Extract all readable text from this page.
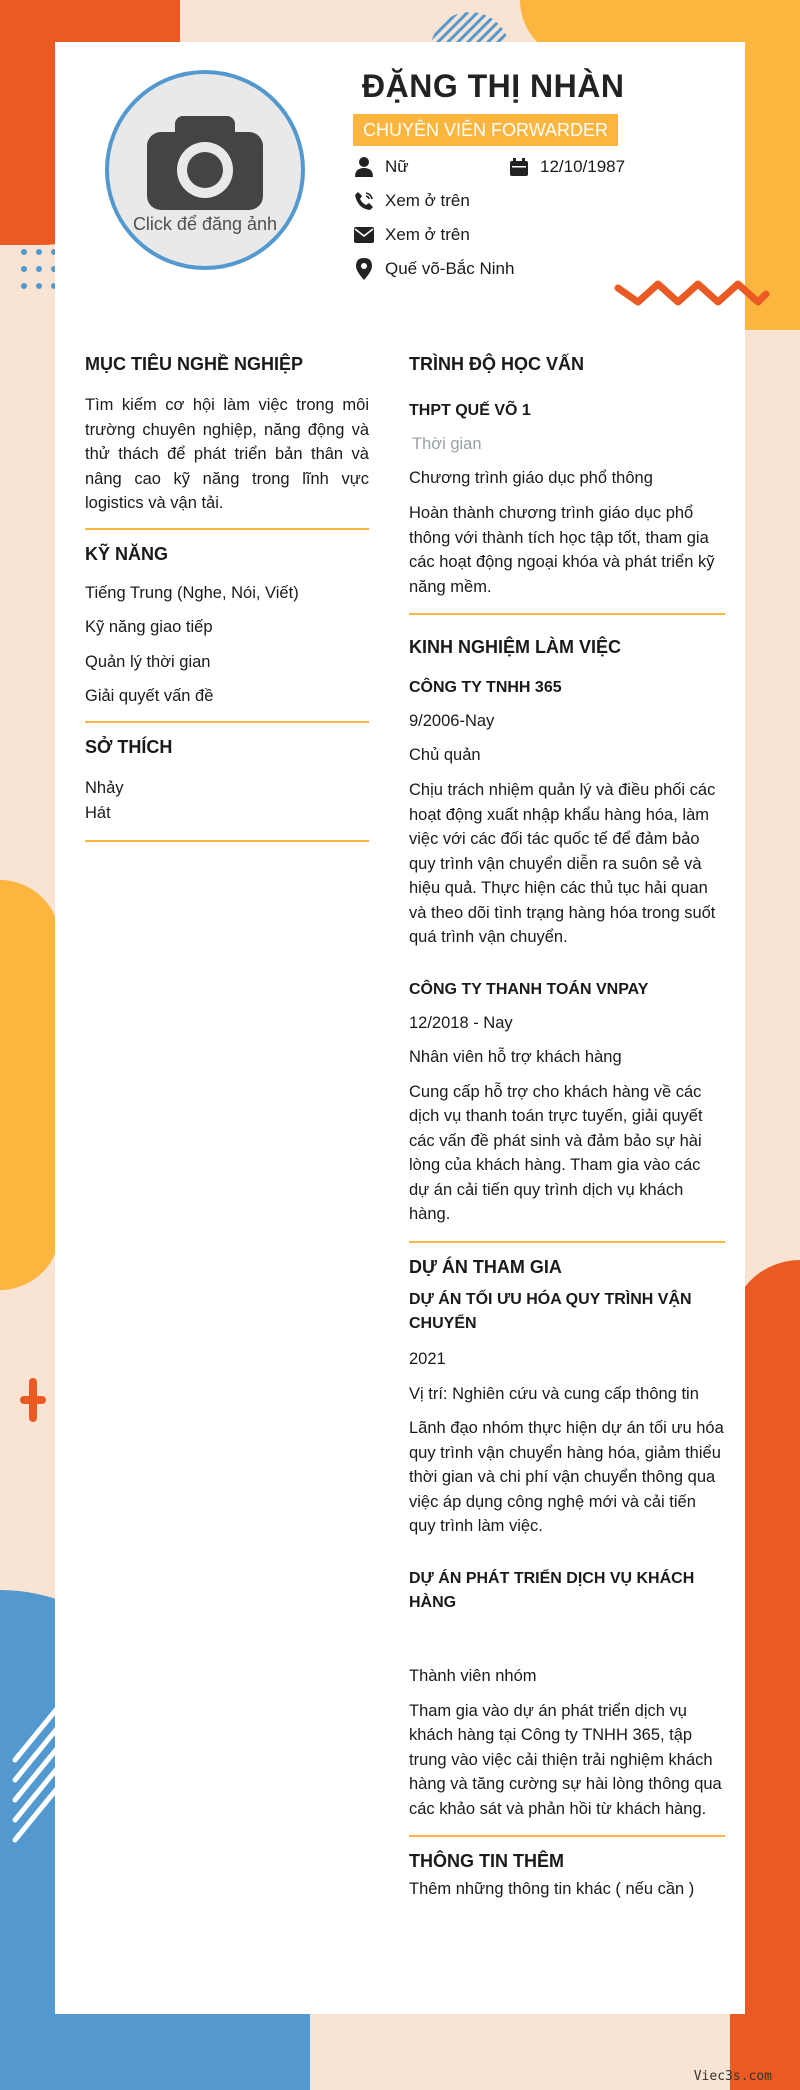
Click để đăng ảnh
ĐẶNG THỊ NHÀN
CHUYÊN VIÊN FORWARDER
Nữ	12/10/1987
Xem ở trên
Xem ở trên
Quế võ-Bắc Ninh
MỤC TIÊU NGHỀ NGHIỆP
Tìm kiếm cơ hội làm việc trong môi trường chuyên nghiệp, năng động và thử thách để phát triển bản thân và nâng cao kỹ năng trong lĩnh vực logistics và vận tải.
KỸ NĂNG
Tiếng Trung (Nghe, Nói, Viết)
Kỹ năng giao tiếp
Quản lý thời gian
Giải quyết vấn đề
SỞ THÍCH
Nhảy
Hát
TRÌNH ĐỘ HỌC VẤN
THPT QUẾ VÕ 1
Thời gian
Chương trình giáo dục phổ thông
Hoàn thành chương trình giáo dục phổ thông với thành tích học tập tốt, tham gia các hoạt động ngoại khóa và phát triển kỹ năng mềm.
KINH NGHIỆM LÀM VIỆC
CÔNG TY TNHH 365
9/2006-Nay
Chủ quản
Chịu trách nhiệm quản lý và điều phối các hoạt động xuất nhập khẩu hàng hóa, làm việc với các đối tác quốc tế để đảm bảo quy trình vận chuyển diễn ra suôn sẻ và hiệu quả. Thực hiện các thủ tục hải quan và theo dõi tình trạng hàng hóa trong suốt quá trình vận chuyển.
CÔNG TY THANH TOÁN VNPAY
12/2018 - Nay
Nhân viên hỗ trợ khách hàng
Cung cấp hỗ trợ cho khách hàng về các dịch vụ thanh toán trực tuyến, giải quyết các vấn đề phát sinh và đảm bảo sự hài lòng của khách hàng. Tham gia vào các dự án cải tiến quy trình dịch vụ khách hàng.
DỰ ÁN THAM GIA
DỰ ÁN TỐI ƯU HÓA QUY TRÌNH VẬN CHUYỂN
2021
Vị trí: Nghiên cứu và cung cấp thông tin
Lãnh đạo nhóm thực hiện dự án tối ưu hóa quy trình vận chuyển hàng hóa, giảm thiểu thời gian và chi phí vận chuyển thông qua việc áp dụng công nghệ mới và cải tiến quy trình làm việc.
DỰ ÁN PHÁT TRIỂN DỊCH VỤ KHÁCH HÀNG
Thành viên nhóm
Tham gia vào dự án phát triển dịch vụ khách hàng tại Công ty TNHH 365, tập trung vào việc cải thiện trải nghiệm khách hàng và tăng cường sự hài lòng thông qua các khảo sát và phản hồi từ khách hàng.
THÔNG TIN THÊM
Thêm những thông tin khác ( nếu cần )
Viec3s.com
